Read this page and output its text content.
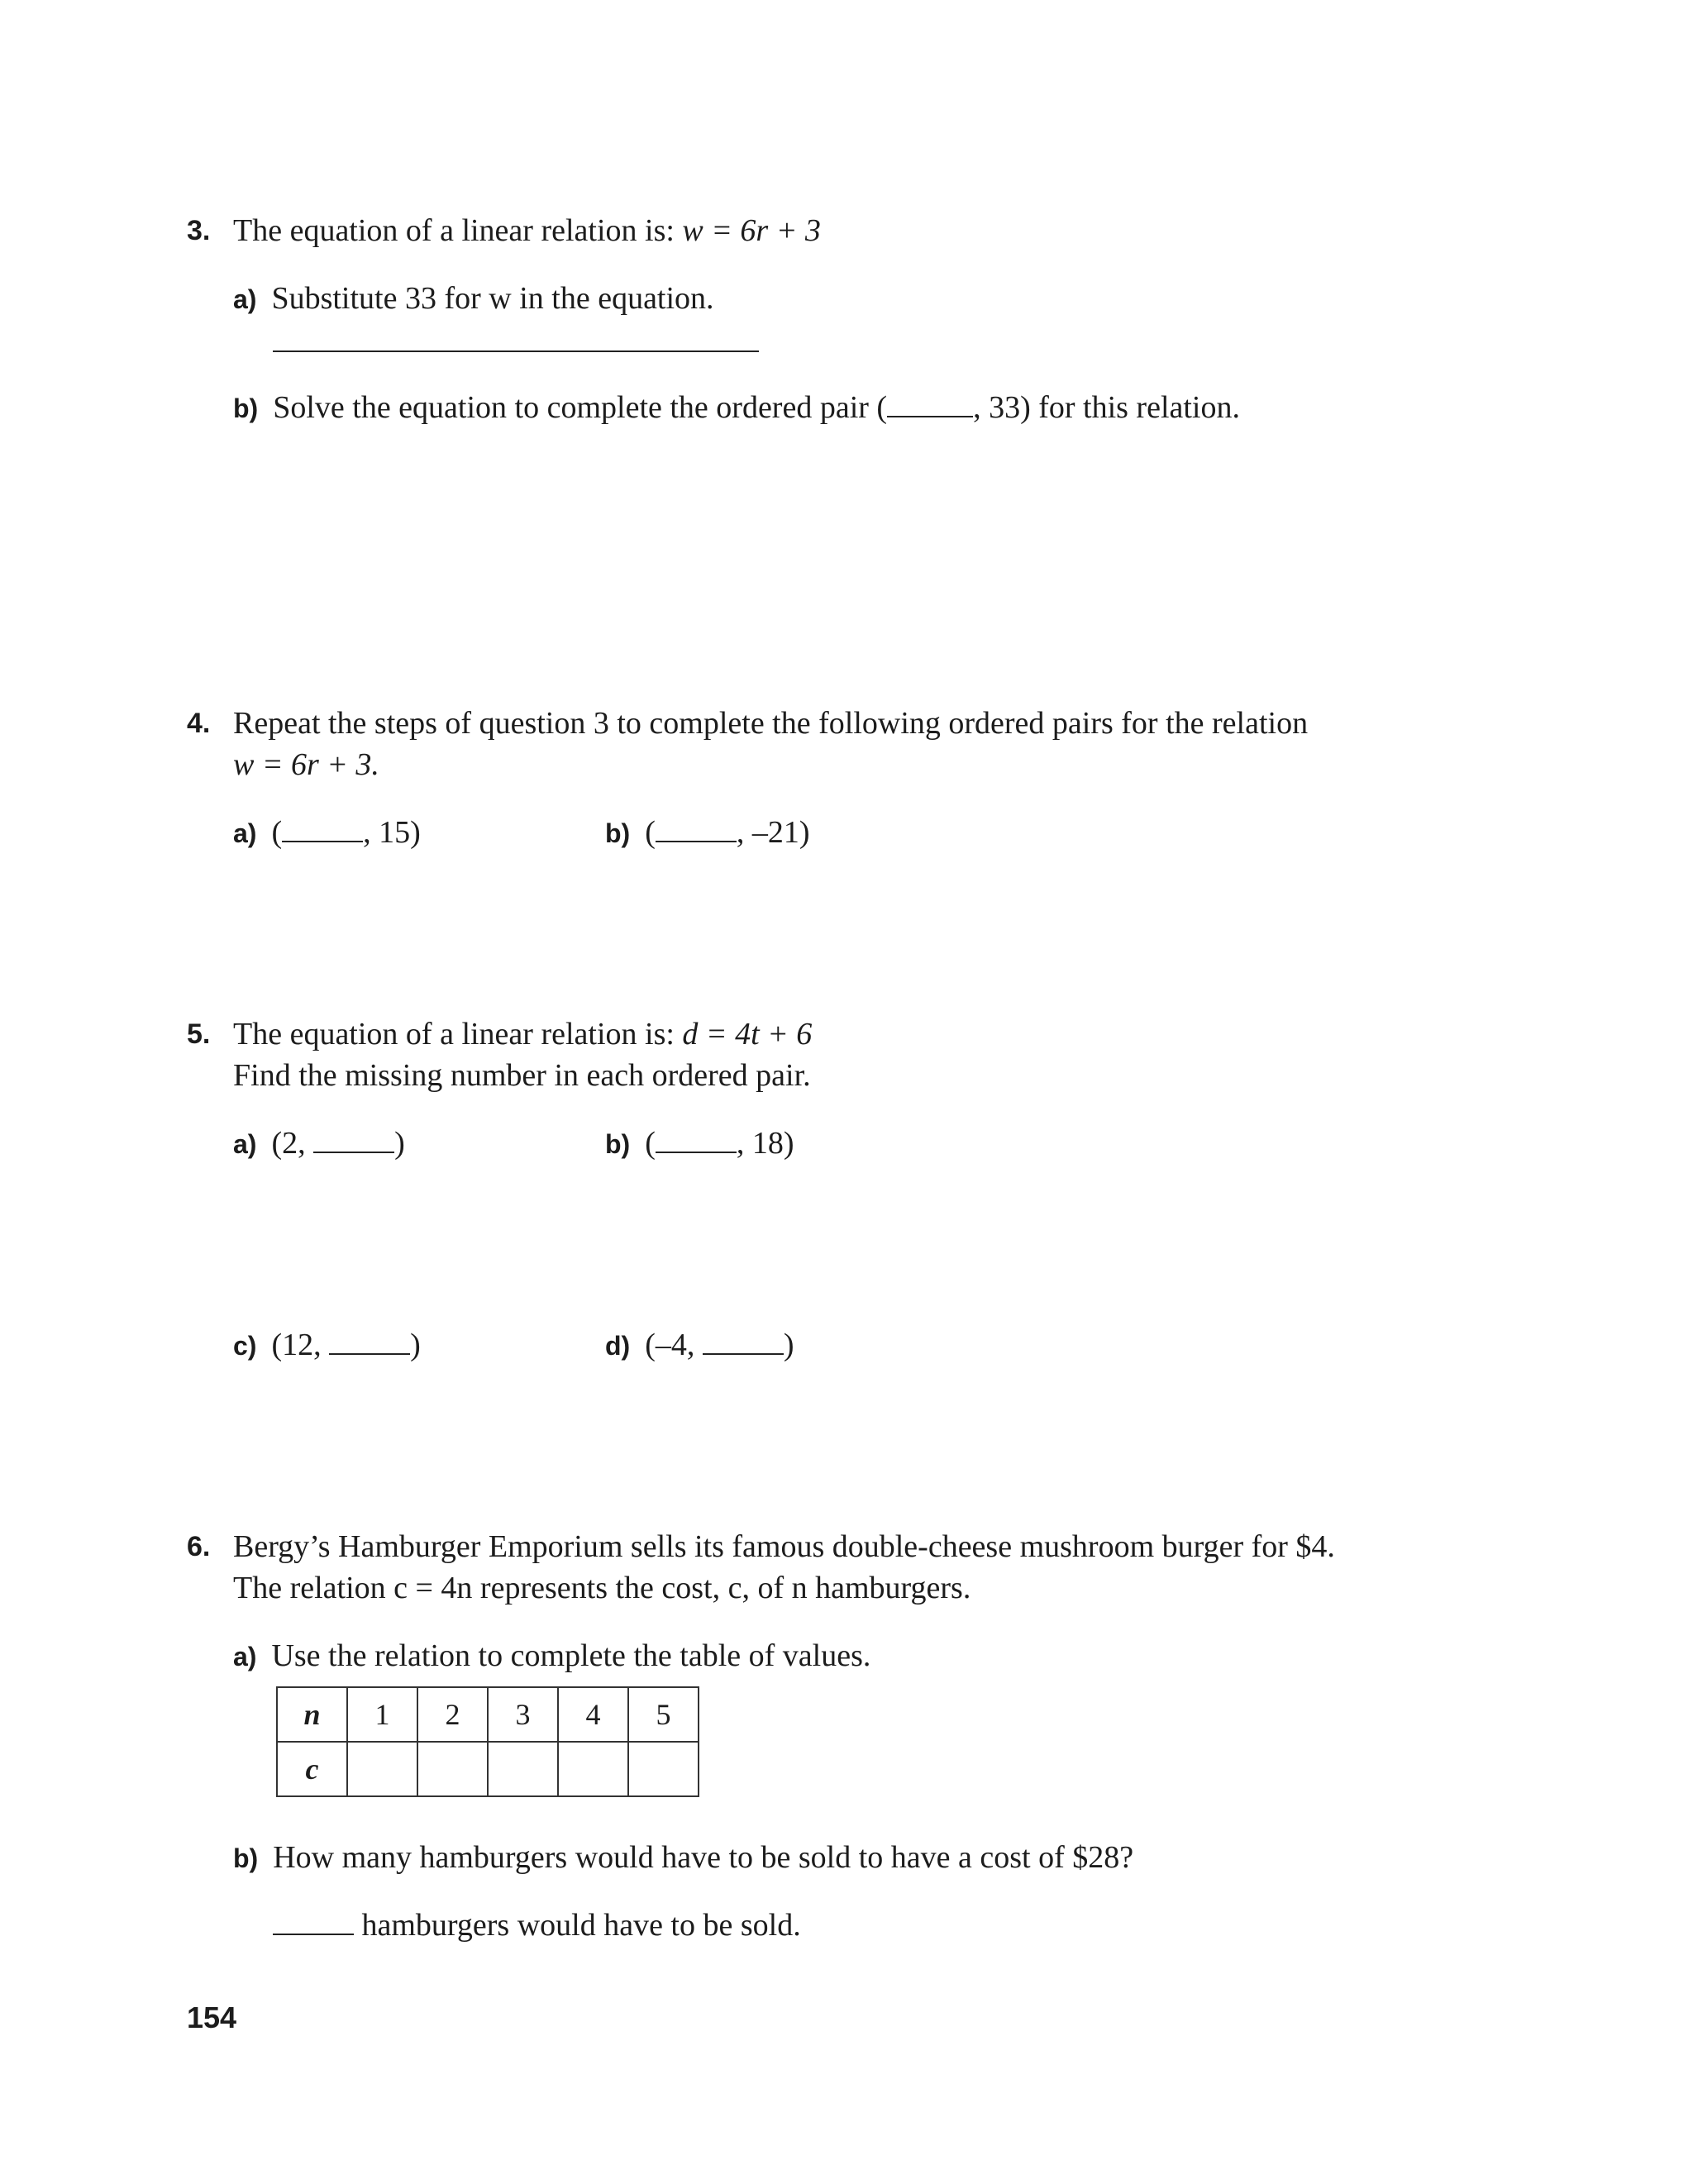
3. The equation of a linear relation is: w = 6r + 3
a) Substitute 33 for w in the equation.
b) Solve the equation to complete the ordered pair (	, 33) for this relation.
4. Repeat the steps of question 3 to complete the following ordered pairs for the relation
w = 6r + 3.
a) (	, 15)	b) (	, –21)
5. The equation of a linear relation is: d = 4t + 6
Find the missing number in each ordered pair.
a) (2,	)	b) (	, 18)
c) (12,	)	d) (–4,	)
6. Bergy’s Hamburger Emporium sells its famous double-cheese mushroom burger for $4.
The relation c = 4n represents the cost, c, of n hamburgers.
a) Use the relation to complete the table of values.
n	1	2	3	4	5
c					
b) How many hamburgers would have to be sold to have a cost of $28?
hamburgers would have to be sold.
154
